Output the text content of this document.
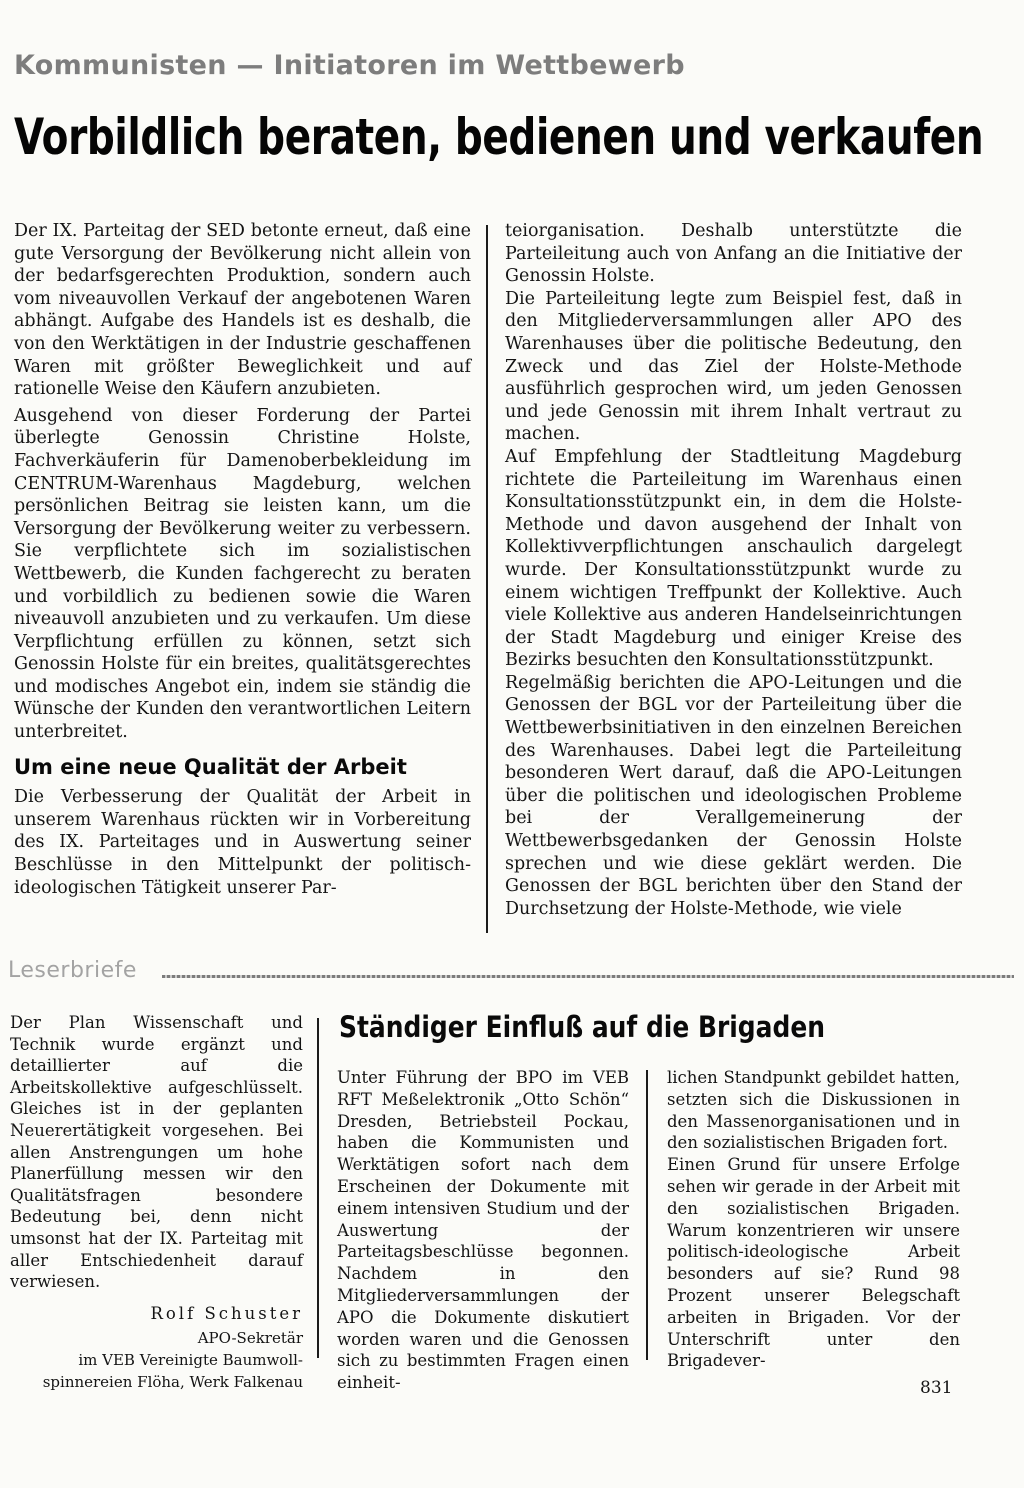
Kommunisten — Initiatoren im Wettbewerb
Vorbildlich beraten, bedienen und verkaufen

Der IX. Parteitag der SED betonte erneut, daß eine gute Versorgung der Bevölkerung nicht allein von der bedarfsgerechten Produktion, sondern auch vom niveauvollen Verkauf der angebotenen Waren abhängt. Aufgabe des Handels ist es deshalb, die von den Werktätigen in der Industrie geschaffenen Waren mit größter Beweglichkeit und auf rationelle Weise den Käufern anzubieten.

Ausgehend von dieser Forderung der Partei überlegte Genossin Christine Holste, Fachverkäuferin für Damenoberbekleidung im CENTRUM-Warenhaus Magdeburg, welchen persönlichen Beitrag sie leisten kann, um die Versorgung der Bevölkerung weiter zu verbessern. Sie verpflichtete sich im sozialistischen Wettbewerb, die Kunden fachgerecht zu beraten und vorbildlich zu bedienen sowie die Waren niveauvoll anzubieten und zu verkaufen. Um diese Verpflichtung erfüllen zu können, setzt sich Genossin Holste für ein breites, qualitätsgerechtes und modisches Angebot ein, indem sie ständig die Wünsche der Kunden den verantwortlichen Leitern unterbreitet.

Um eine neue Qualität der Arbeit

Die Verbesserung der Qualität der Arbeit in unserem Warenhaus rückten wir in Vorbereitung des IX. Parteitages und in Auswertung seiner Beschlüsse in den Mittelpunkt der politisch-ideologischen Tätigkeit unserer Par-

teiorganisation. Deshalb unterstützte die Parteileitung auch von Anfang an die Initiative der Genossin Holste.

Die Parteileitung legte zum Beispiel fest, daß in den Mitgliederversammlungen aller APO des Warenhauses über die politische Bedeutung, den Zweck und das Ziel der Holste-Methode ausführlich gesprochen wird, um jeden Genossen und jede Genossin mit ihrem Inhalt vertraut zu machen.

Auf Empfehlung der Stadtleitung Magdeburg richtete die Parteileitung im Warenhaus einen Konsultationsstützpunkt ein, in dem die Holste-Methode und davon ausgehend der Inhalt von Kollektivverpflichtungen anschaulich dargelegt wurde. Der Konsultationsstützpunkt wurde zu einem wichtigen Treffpunkt der Kollektive. Auch viele Kollektive aus anderen Handelseinrichtungen der Stadt Magdeburg und einiger Kreise des Bezirks besuchten den Konsultationsstützpunkt.

Regelmäßig berichten die APO-Leitungen und die Genossen der BGL vor der Parteileitung über die Wettbewerbsinitiativen in den einzelnen Bereichen des Warenhauses. Dabei legt die Parteileitung besonderen Wert darauf, daß die APO-Leitungen über die politischen und ideologischen Probleme bei der Verallgemeinerung der Wettbewerbsgedanken der Genossin Holste sprechen und wie diese geklärt werden. Die Genossen der BGL berichten über den Stand der Durchsetzung der Holste-Methode, wie viele

Leserbriefe
Der Plan Wissenschaft und Technik wurde ergänzt und detaillierter auf die Arbeitskollektive aufgeschlüsselt. Gleiches ist in der geplanten Neuerertätigkeit vorgesehen. Bei allen Anstrengungen um hohe Planerfüllung messen wir den Qualitätsfragen besondere Bedeutung bei, denn nicht umsonst hat der IX. Parteitag mit aller Entschiedenheit darauf verwiesen.
Rolf Schuster
APO-Sekretär
im VEB Vereinigte Baumwoll-
spinnereien Flöha, Werk Falkenau
Ständiger Einfluß auf die Brigaden

Unter Führung der BPO im VEB RFT Meßelektronik „Otto Schön“ Dresden, Betriebsteil Pockau, haben die Kommunisten und Werktätigen sofort nach dem Erscheinen der Dokumente mit einem intensiven Studium und der Auswertung der Parteitagsbeschlüsse begonnen. Nachdem in den Mitgliederversammlungen der APO die Dokumente diskutiert worden waren und die Genossen sich zu bestimmten Fragen einen einheit-

lichen Standpunkt gebildet hatten, setzten sich die Diskussionen in den Massenorganisationen und in den sozialistischen Brigaden fort.

Einen Grund für unsere Erfolge sehen wir gerade in der Arbeit mit den sozialistischen Brigaden. Warum konzentrieren wir unsere politisch-ideologische Arbeit besonders auf sie? Rund 98 Prozent unserer Belegschaft arbeiten in Brigaden. Vor der Unterschrift unter den Brigadever-

831
